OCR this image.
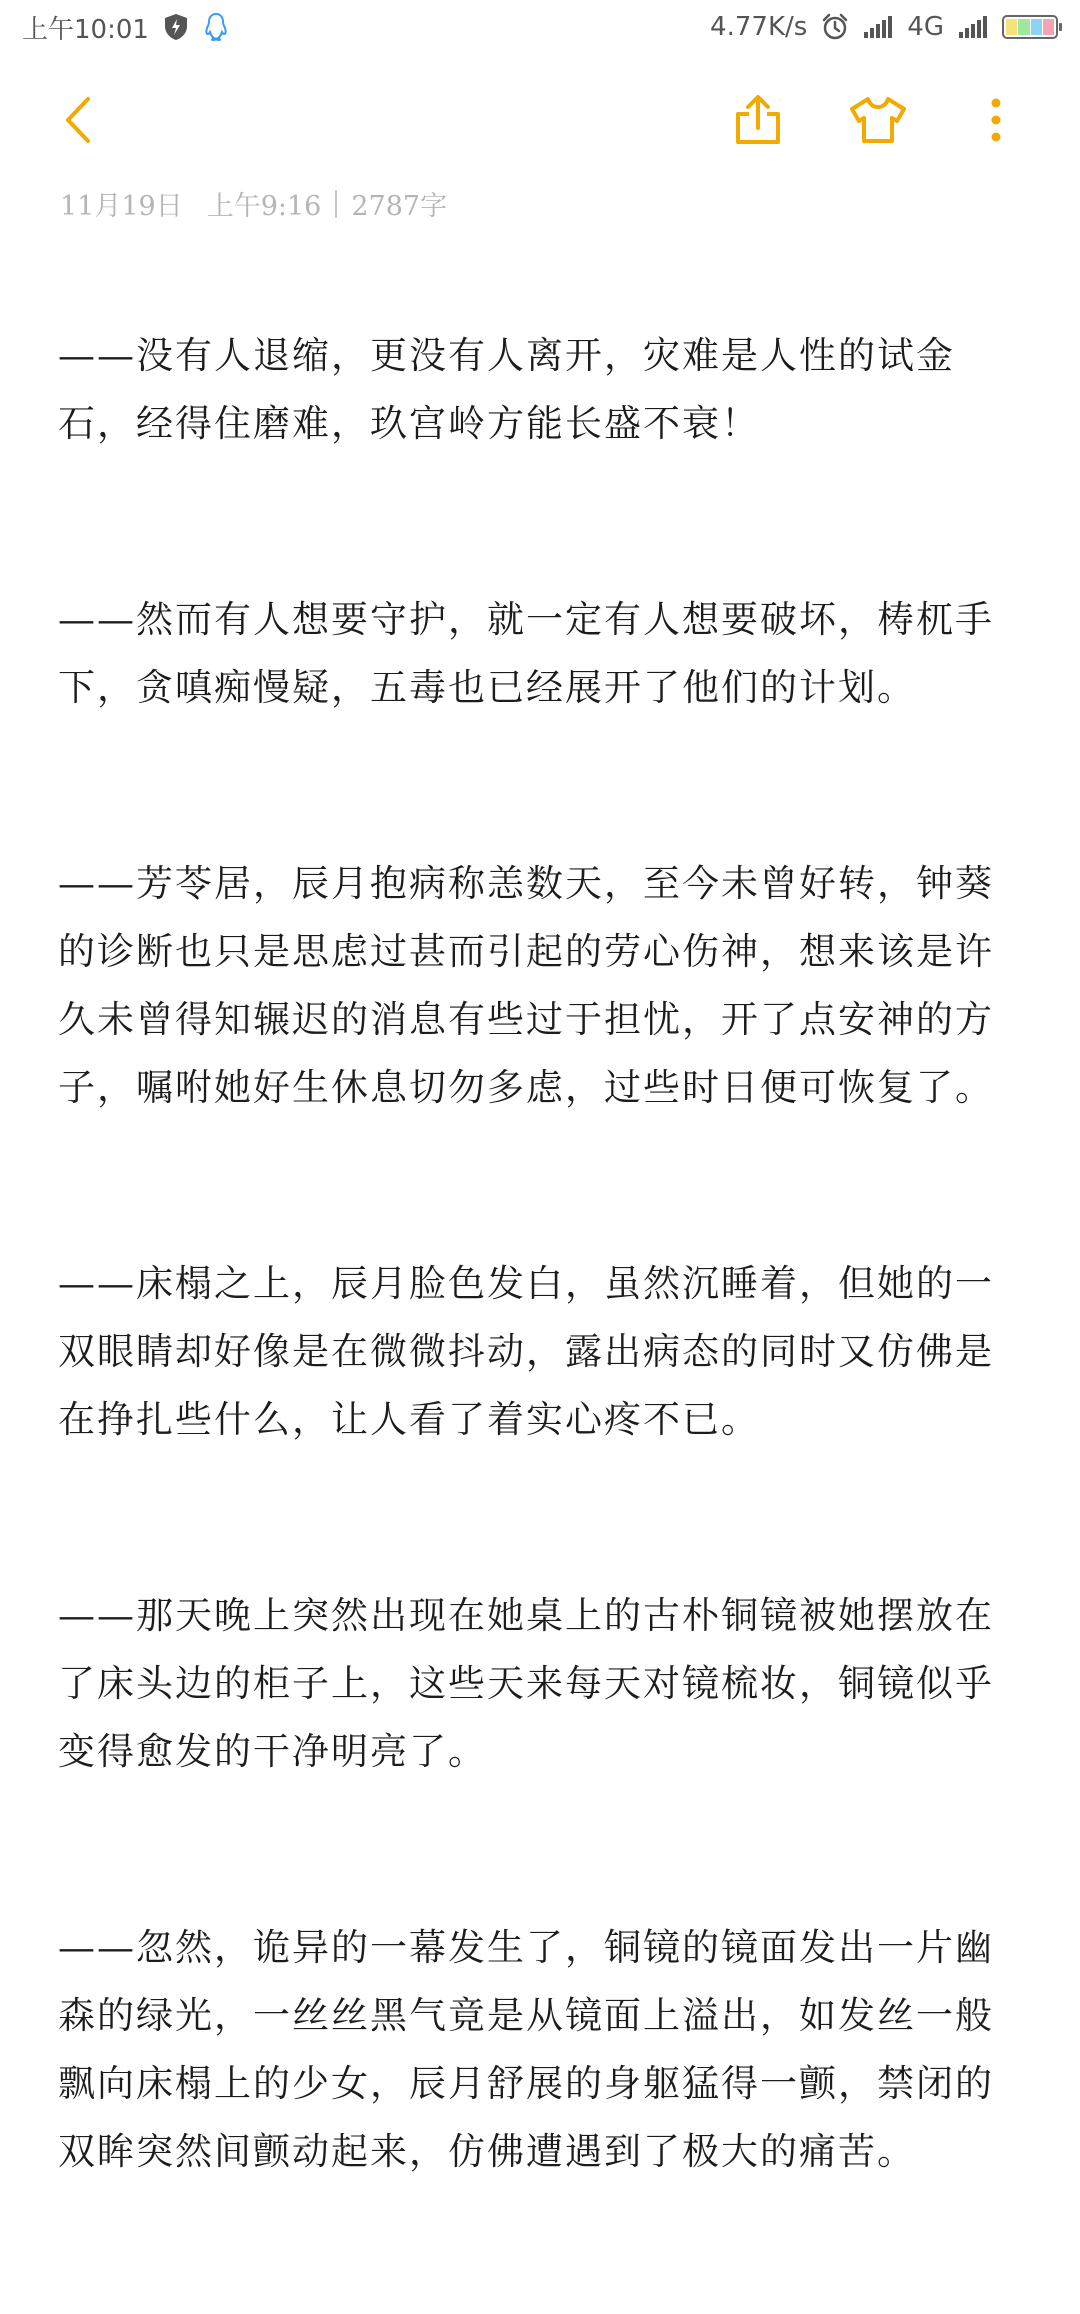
上午10:01	4.77K/s	4G
11月19日 上午9:16 2787字

——没有人退缩，更没有人离开，灾难是人性的试金石，经得住磨难，玖宫岭方能长盛不衰！

——然而有人想要守护，就一定有人想要破坏，梼杌手下，贪嗔痴慢疑，五毒也已经展开了他们的计划。

——芳苓居，辰月抱病称恙数天，至今未曾好转，钟葵的诊断也只是思虑过甚而引起的劳心伤神，想来该是许久未曾得知辗迟的消息有些过于担忧，开了点安神的方子，嘱咐她好生休息切勿多虑，过些时日便可恢复了。

——床榻之上，辰月脸色发白，虽然沉睡着，但她的一双眼睛却好像是在微微抖动，露出病态的同时又仿佛是在挣扎些什么，让人看了着实心疼不已。

——那天晚上突然出现在她桌上的古朴铜镜被她摆放在了床头边的柜子上，这些天来每天对镜梳妆，铜镜似乎变得愈发的干净明亮了。

——忽然，诡异的一幕发生了，铜镜的镜面发出一片幽森的绿光，一丝丝黑气竟是从镜面上溢出，如发丝一般飘向床榻上的少女，辰月舒展的身躯猛得一颤，禁闭的双眸突然间颤动起来，仿佛遭遇到了极大的痛苦。
